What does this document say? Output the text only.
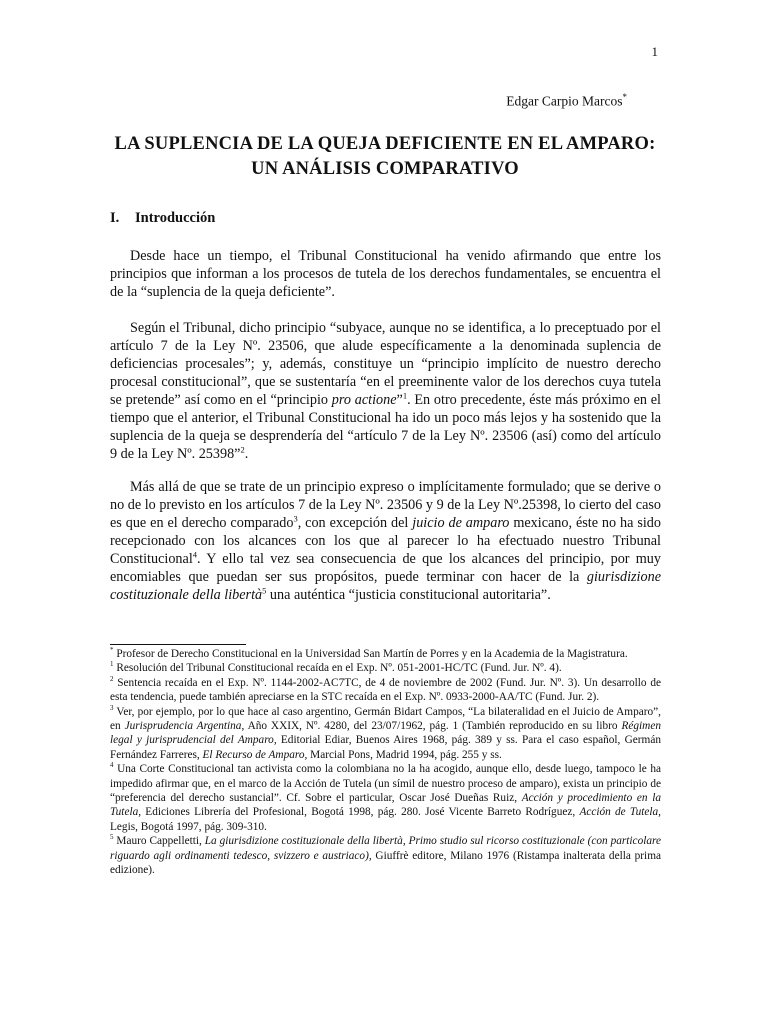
1
Edgar Carpio Marcos*
LA SUPLENCIA DE LA QUEJA DEFICIENTE EN EL AMPARO: UN ANÁLISIS COMPARATIVO
I. Introducción

Desde hace un tiempo, el Tribunal Constitucional ha venido afirmando que entre los principios que informan a los procesos de tutela de los derechos fundamentales, se encuentra el de la “suplencia de la queja deficiente”.

Según el Tribunal, dicho principio “subyace, aunque no se identifica, a lo preceptuado por el artículo 7 de la Ley Nº. 23506, que alude específicamente a la denominada suplencia de deficiencias procesales”; y, además, constituye un “principio implícito de nuestro derecho procesal constitucional”, que se sustentaría “en el preeminente valor de los derechos cuya tutela se pretende” así como en el “principio pro actione”$^1$. En otro precedente, éste más próximo en el tiempo que el anterior, el Tribunal Constitucional ha ido un poco más lejos y ha sostenido que la suplencia de la queja se desprendería del “artículo 7 de la Ley Nº. 23506 (así) como del artículo 9 de la Ley Nº. 25398”$^2$.

Más allá de que se trate de un principio expreso o implícitamente formulado; que se derive o no de lo previsto en los artículos 7 de la Ley Nº. 23506 y 9 de la Ley Nº.25398, lo cierto del caso es que en el derecho comparado$^3$, con excepción del juicio de amparo mexicano, éste no ha sido recepcionado con los alcances con los que al parecer lo ha efectuado nuestro Tribunal Constitucional$^4$. Y ello tal vez sea consecuencia de que los alcances del principio, por muy encomiables que puedan ser sus propósitos, puede terminar con hacer de la giurisdizione costituzionale della libertà$^5$ una auténtica “justicia constitucional autoritaria”.

* Profesor de Derecho Constitucional en la Universidad San Martín de Porres y en la Academia de la Magistratura.

$^1$ Resolución del Tribunal Constitucional recaída en el Exp. Nº. 051-2001-HC/TC (Fund. Jur. Nº. 4).

$^2$ Sentencia recaída en el Exp. Nº. 1144-2002-AC7TC, de 4 de noviembre de 2002 (Fund. Jur. Nº. 3). Un desarrollo de esta tendencia, puede también apreciarse en la STC recaída en el Exp. Nº. 0933-2000-AA/TC (Fund. Jur. 2).

$^3$ Ver, por ejemplo, por lo que hace al caso argentino, Germán Bidart Campos, “La bilateralidad en el Juicio de Amparo”, en Jurisprudencia Argentina, Año XXIX, Nº. 4280, del 23/07/1962, pág. 1 (También reproducido en su libro Régimen legal y jurisprudencial del Amparo, Editorial Ediar, Buenos Aires 1968, pág. 389 y ss. Para el caso español, Germán Fernández Farreres, El Recurso de Amparo, Marcial Pons, Madrid 1994, pág. 255 y ss.

$^4$ Una Corte Constitucional tan activista como la colombiana no la ha acogido, aunque ello, desde luego, tampoco le ha impedido afirmar que, en el marco de la Acción de Tutela (un símil de nuestro proceso de amparo), exista un principio de “preferencia del derecho sustancial”. Cf. Sobre el particular, Oscar José Dueñas Ruiz, Acción y procedimiento en la Tutela, Ediciones Librería del Profesional, Bogotá 1998, pág. 280. José Vicente Barreto Rodríguez, Acción de Tutela, Legis, Bogotá 1997, pág. 309-310.

$^5$ Mauro Cappelletti, La giurisdizione costituzionale della libertà, Primo studio sul ricorso costituzionale (con particolare riguardo agli ordinamenti tedesco, svizzero e austriaco), Giuffrè editore, Milano 1976 (Ristampa inalterata della prima edizione).
